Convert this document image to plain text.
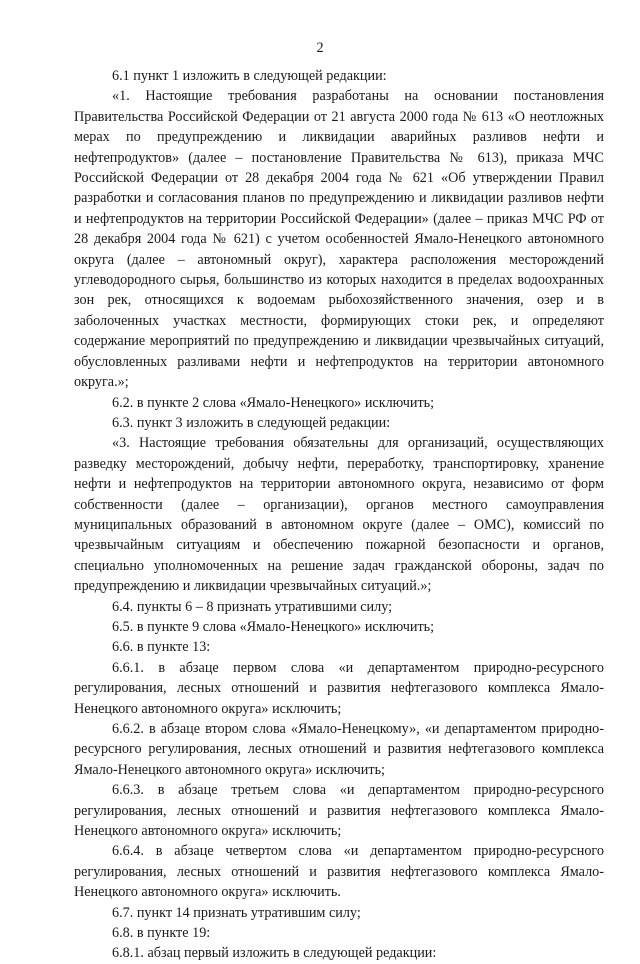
2

6.1 пункт 1 изложить в следующей редакции:

«1. Настоящие требования разработаны на основании постановления Правительства Российской Федерации от 21 августа 2000 года № 613 «О неотложных мерах по предупреждению и ликвидации аварийных разливов нефти и нефтепродуктов» (далее – постановление Правительства № 613), приказа МЧС Российской Федерации от 28 декабря 2004 года № 621 «Об утверждении Правил разработки и согласования планов по предупреждению и ликвидации разливов нефти и нефтепродуктов на территории Российской Федерации» (далее – приказ МЧС РФ от 28 декабря 2004 года № 621) с учетом особенностей Ямало-Ненецкого автономного округа (далее – автономный округ), характера расположения месторождений углеводородного сырья, большинство из которых находится в пределах водоохранных зон рек, относящихся к водоемам рыбохозяйственного значения, озер и в заболоченных участках местности, формирующих стоки рек, и определяют содержание мероприятий по предупреждению и ликвидации чрезвычайных ситуаций, обусловленных разливами нефти и нефтепродуктов на территории автономного округа.»;

6.2. в пункте 2 слова «Ямало-Ненецкого» исключить;

6.3. пункт 3 изложить в следующей редакции:

«3. Настоящие требования обязательны для организаций, осуществляющих разведку месторождений, добычу нефти, переработку, транспортировку, хранение нефти и нефтепродуктов на территории автономного округа, независимо от форм собственности (далее – организации), органов местного самоуправления муниципальных образований в автономном округе (далее – ОМС), комиссий по чрезвычайным ситуациям и обеспечению пожарной безопасности и органов, специально уполномоченных на решение задач гражданской обороны, задач по предупреждению и ликвидации чрезвычайных ситуаций.»;

6.4. пункты 6 – 8 признать утратившими силу;

6.5. в пункте 9 слова «Ямало-Ненецкого» исключить;

6.6. в пункте 13:

6.6.1. в абзаце первом слова «и департаментом природно-ресурсного регулирования, лесных отношений и развития нефтегазового комплекса Ямало-Ненецкого автономного округа» исключить;

6.6.2. в абзаце втором слова «Ямало-Ненецкому», «и департаментом природно-ресурсного регулирования, лесных отношений и развития нефтегазового комплекса Ямало-Ненецкого автономного округа» исключить;

6.6.3. в абзаце третьем слова «и департаментом природно-ресурсного регулирования, лесных отношений и развития нефтегазового комплекса Ямало-Ненецкого автономного округа» исключить;

6.6.4. в абзаце четвертом слова «и департаментом природно-ресурсного регулирования, лесных отношений и развития нефтегазового комплекса Ямало-Ненецкого автономного округа» исключить.

6.7. пункт 14 признать утратившим силу;

6.8. в пункте 19:

6.8.1. абзац первый изложить в следующей редакции:
